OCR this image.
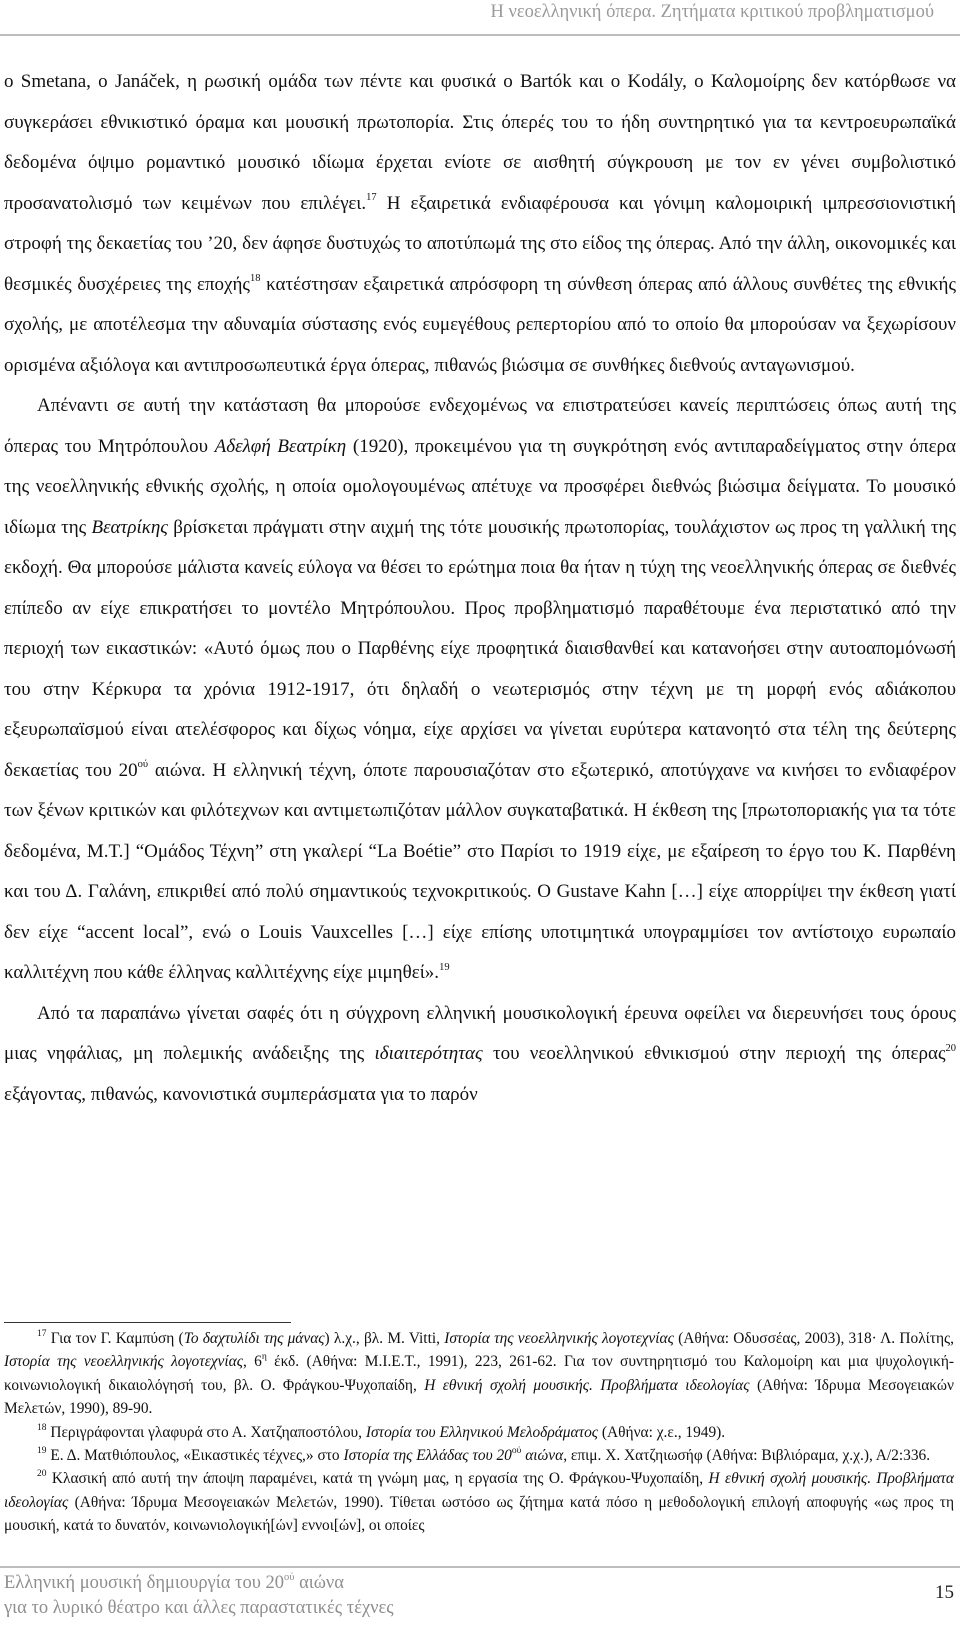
Η νεοελληνική όπερα. Ζητήματα κριτικού προβληματισμού

ο Smetana, ο Janáček, η ρωσική ομάδα των πέντε και φυσικά ο Bartók και ο Kodály, ο Καλομοίρης δεν κατόρθωσε να συγκεράσει εθνικιστικό όραμα και μουσική πρωτοπορία. Στις όπερές του το ήδη συντηρητικό για τα κεντροευρωπαϊκά δεδομένα όψιμο ρομαντικό μουσικό ιδίωμα έρχεται ενίοτε σε αισθητή σύγκρουση με τον εν γένει συμβολιστικό προσανατολισμό των κειμένων που επιλέγει.$^{17}$ Η εξαιρετικά ενδιαφέρουσα και γόνιμη καλομοιρική ιμπρεσσιονιστική στροφή της δεκαετίας του ’20, δεν άφησε δυστυχώς το αποτύπωμά της στο είδος της όπερας. Από την άλλη, οικονομικές και θεσμικές δυσχέρειες της εποχής$^{18}$ κατέστησαν εξαιρετικά απρόσφορη τη σύνθεση όπερας από άλλους συνθέτες της εθνικής σχολής, με αποτέλεσμα την αδυναμία σύστασης ενός ευμεγέθους ρεπερτορίου από το οποίο θα μπορούσαν να ξεχωρίσουν ορισμένα αξιόλογα και αντιπροσωπευτικά έργα όπερας, πιθανώς βιώσιμα σε συνθήκες διεθνούς ανταγωνισμού.

Απέναντι σε αυτή την κατάσταση θα μπορούσε ενδεχομένως να επιστρατεύσει κανείς περιπτώσεις όπως αυτή της όπερας του Μητρόπουλου Αδελφή Βεατρίκη (1920), προκειμένου για τη συγκρότηση ενός αντιπαραδείγματος στην όπερα της νεοελληνικής εθνικής σχολής, η οποία ομολογουμένως απέτυχε να προσφέρει διεθνώς βιώσιμα δείγματα. Το μουσικό ιδίωμα της Βεατρίκης βρίσκεται πράγματι στην αιχμή της τότε μουσικής πρωτοπορίας, τουλάχιστον ως προς τη γαλλική της εκδοχή. Θα μπορούσε μάλιστα κανείς εύλογα να θέσει το ερώτημα ποια θα ήταν η τύχη της νεοελληνικής όπερας σε διεθνές επίπεδο αν είχε επικρατήσει το μοντέλο Μητρόπουλου. Προς προβληματισμό παραθέτουμε ένα περιστατικό από την περιοχή των εικαστικών: «Αυτό όμως που ο Παρθένης είχε προφητικά διαισθανθεί και κατανοήσει στην αυτοαπομόνωσή του στην Κέρκυρα τα χρόνια 1912-1917, ότι δηλαδή ο νεωτερισμός στην τέχνη με τη μορφή ενός αδιάκοπου εξευρωπαϊσμού είναι ατελέσφορος και δίχως νόημα, είχε αρχίσει να γίνεται ευρύτερα κατανοητό στα τέλη της δεύτερης δεκαετίας του $20^{oύ}$ αιώνα. Η ελληνική τέχνη, όποτε παρουσιαζόταν στο εξωτερικό, αποτύγχανε να κινήσει το ενδιαφέρον των ξένων κριτικών και φιλότεχνων και αντιμετωπιζόταν μάλλον συγκαταβατικά. Η έκθεση της [πρωτοποριακής για τα τότε δεδομένα, Μ.Τ.] “Ομάδος Τέχνη” στη γκαλερί “La Boétie” στο Παρίσι το 1919 είχε, με εξαίρεση το έργο του Κ. Παρθένη και του Δ. Γαλάνη, επικριθεί από πολύ σημαντικούς τεχνοκριτικούς. O Gustave Kahn […] είχε απορρίψει την έκθεση γιατί δεν είχε “accent local”, ενώ ο Louis Vauxcelles […] είχε επίσης υποτιμητικά υπογραμμίσει τον αντίστοιχο ευρωπαίο καλλιτέχνη που κάθε έλληνας καλλιτέχνης είχε μιμηθεί».$^{19}$

Από τα παραπάνω γίνεται σαφές ότι η σύγχρονη ελληνική μουσικολογική έρευνα οφείλει να διερευνήσει τους όρους μιας νηφάλιας, μη πολεμικής ανάδειξης της ιδιαιτερότητας του νεοελληνικού εθνικισμού στην περιοχή της όπερας$^{20}$ εξάγοντας, πιθανώς, κανονιστικά συμπεράσματα για το παρόν

$^{17}$ Για τον Γ. Καμπύση (Το δαχτυλίδι της μάνας) λ.χ., βλ. M. Vitti, Ιστορία της νεοελληνικής λογοτεχνίας (Αθήνα: Οδυσσέας, 2003), 318· Λ. Πολίτης, Ιστορία της νεοελληνικής λογοτεχνίας, $6^\eta$ έκδ. (Αθήνα: Μ.Ι.Ε.Τ., 1991), 223, 261-62. Για τον συντηρητισμό του Καλομοίρη και μια ψυχολογική-κοινωνιολογική δικαιολόγησή του, βλ. Ο. Φράγκου-Ψυχοπαίδη, Η εθνική σχολή μουσικής. Προβλήματα ιδεολογίας (Αθήνα: Ίδρυμα Μεσογειακών Μελετών, 1990), 89-90.

$^{18}$ Περιγράφονται γλαφυρά στο Α. Χατζηαποστόλου, Ιστορία του Ελληνικού Μελοδράματος (Αθήνα: χ.ε., 1949).

$^{19}$ Ε. Δ. Ματθιόπουλος, «Εικαστικές τέχνες,» στο Ιστορία της Ελλάδας του $20^{oύ}$ αιώνα, επιμ. Χ. Χατζηιωσήφ (Αθήνα: Βιβλιόραμα, χ.χ.), Α/2:336.

$^{20}$ Κλασική από αυτή την άποψη παραμένει, κατά τη γνώμη μας, η εργασία της Ο. Φράγκου-Ψυχοπαίδη, Η εθνική σχολή μουσικής. Προβλήματα ιδεολογίας (Αθήνα: Ίδρυμα Μεσογειακών Μελετών, 1990). Τίθεται ωστόσο ως ζήτημα κατά πόσο η μεθοδολογική επιλογή αποφυγής «ως προς τη μουσική, κατά το δυνατόν, κοινωνιολογική[ών] εννοι[ών], οι οποίες

Ελληνική μουσική δημιουργία του $20^{oύ}$ αιώνα
για το λυρικό θέατρο και άλλες παραστατικές τέχνες
15
